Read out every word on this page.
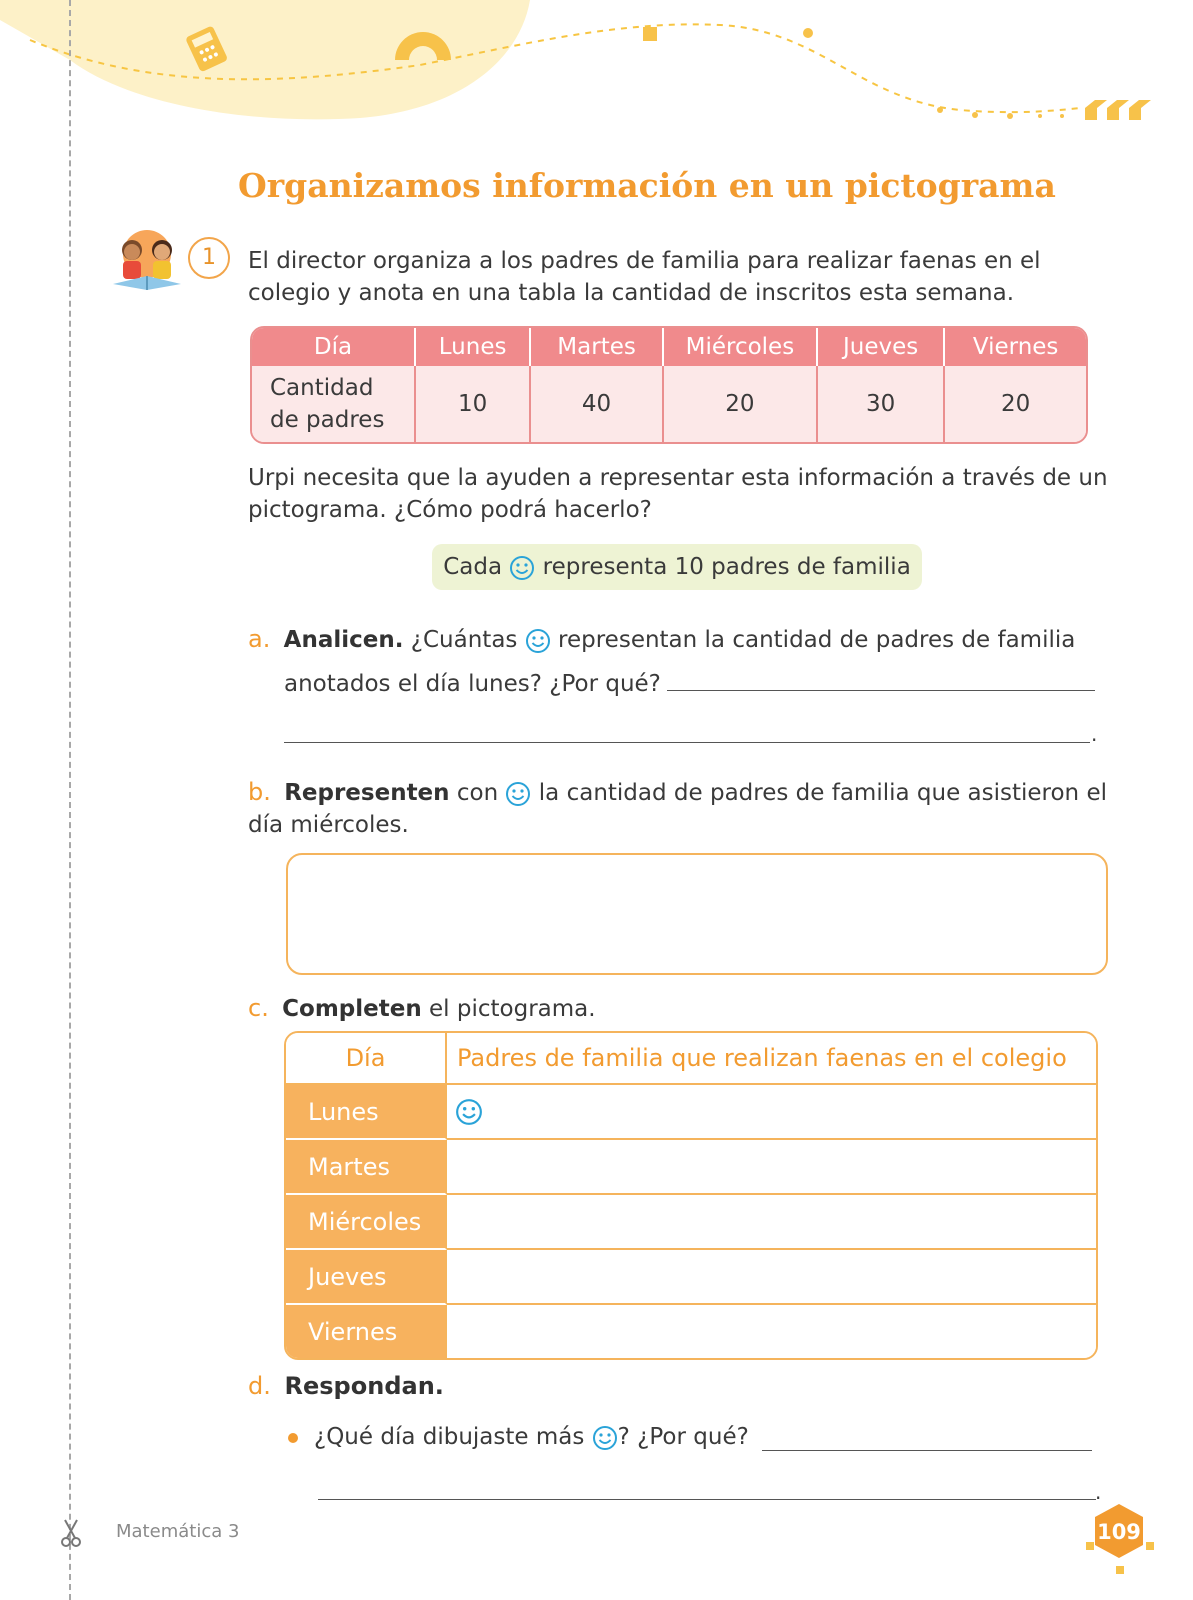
Organizamos información en un pictograma
1	El director organiza a los padres de familia para realizar faenas en el colegio y anota en una tabla la cantidad de inscritos esta semana.
Día	Lunes	Martes	Miércoles	Jueves	Viernes
Cantidad
de padres	10	40	20	30	20
Urpi necesita que la ayuden a representar esta información a través de un pictograma. ¿Cómo podrá hacerlo?
Cada representa 10 padres de familia
a. Analicen. ¿Cuántas representan la cantidad de padres de familia
anotados el día lunes? ¿Por qué?
.
b. Representen con la cantidad de padres de familia que asistieron el día miércoles.
c. Completen el pictograma.
Día	Padres de familia que realizan faenas en el colegio
Lunes	
Martes	
Miércoles	
Jueves	
Viernes	
d. Respondan.
¿Qué día dibujaste más ? ¿Por qué?
.
Matemática 3	109
